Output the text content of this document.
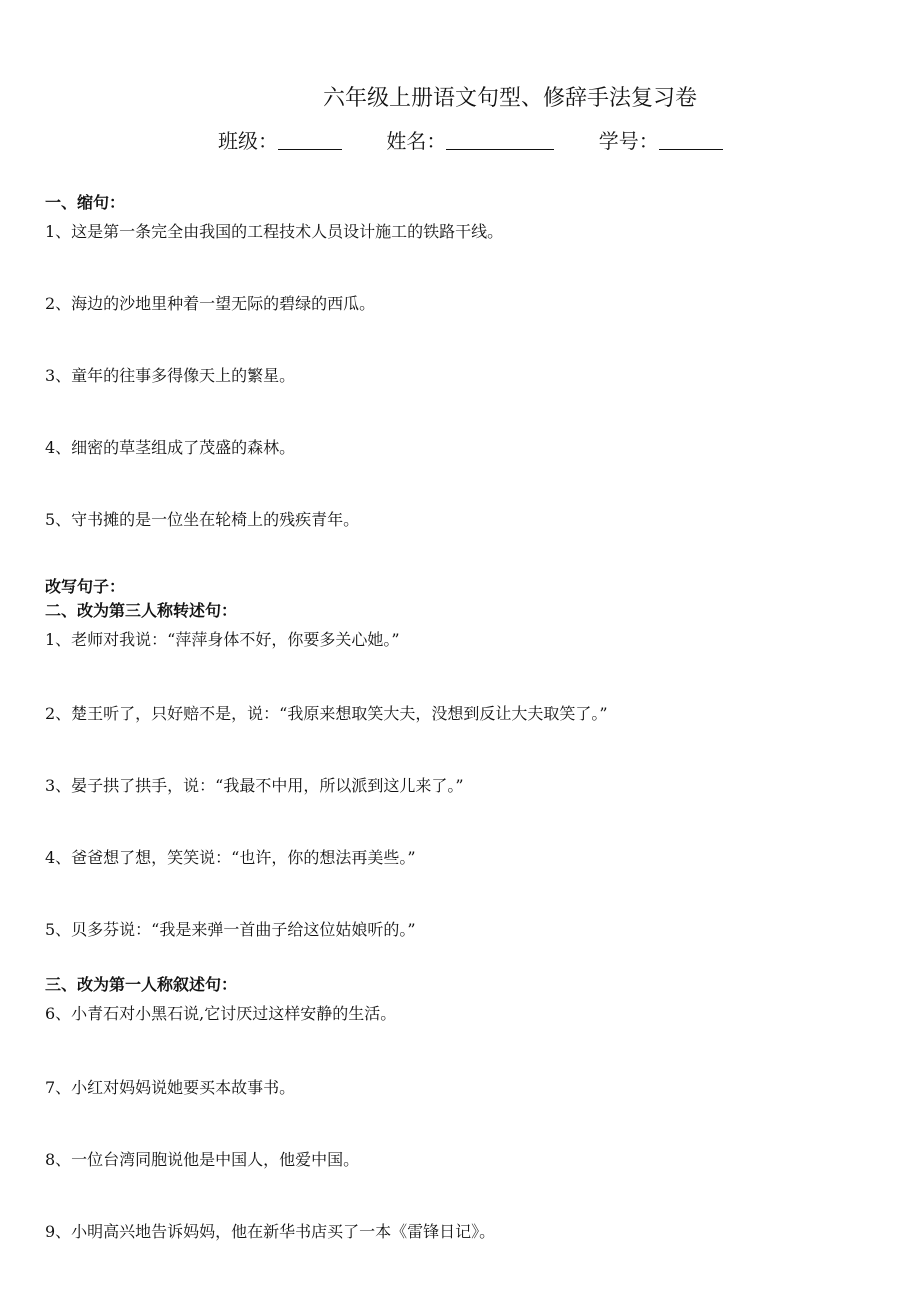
六年级上册语文句型、修辞手法复习卷
班级：	姓名：	学号：
一、缩句：
1、这是第一条完全由我国的工程技术人员设计施工的铁路干线。
2、海边的沙地里种着一望无际的碧绿的西瓜。
3、童年的往事多得像天上的繁星。
4、细密的草茎组成了茂盛的森林。
5、守书摊的是一位坐在轮椅上的残疾青年。
改写句子：
二、改为第三人称转述句：
1、老师对我说：“萍萍身体不好，你要多关心她。”
2、楚王听了，只好赔不是，说：“我原来想取笑大夫，没想到反让大夫取笑了。”
3、晏子拱了拱手，说：“我最不中用，所以派到这儿来了。”
4、爸爸想了想，笑笑说：“也许，你的想法再美些。”
5、贝多芬说：“我是来弹一首曲子给这位姑娘听的。”
三、改为第一人称叙述句：
6、小青石对小黑石说,它讨厌过这样安静的生活。
7、小红对妈妈说她要买本故事书。
8、一位台湾同胞说他是中国人，他爱中国。
9、小明高兴地告诉妈妈，他在新华书店买了一本《雷锋日记》。
